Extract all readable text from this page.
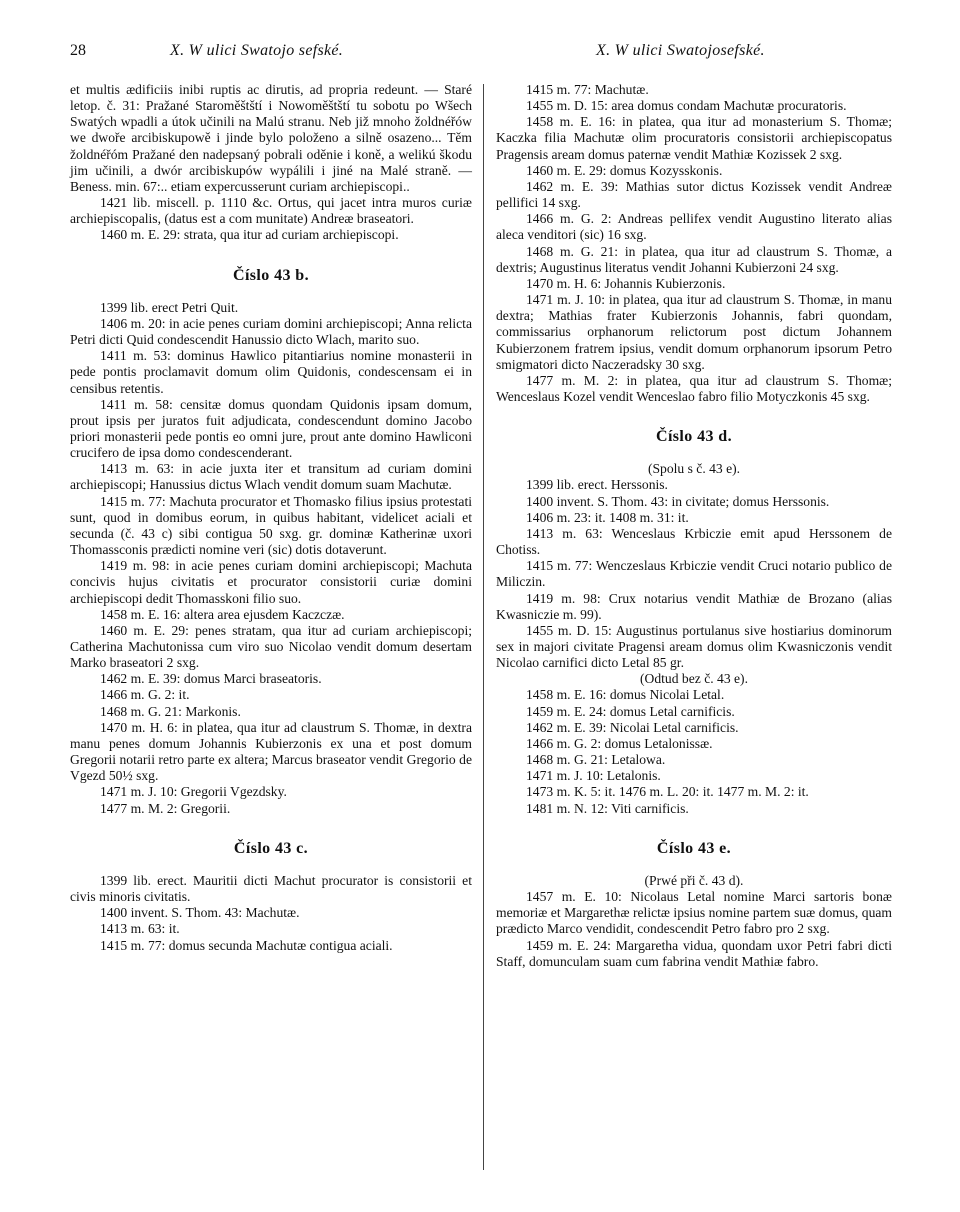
28	X. W ulici Swatojo sefské.	X. W ulici Swatojosefské.

et multis ædificiis inibi ruptis ac dirutis, ad propria redeunt. — Staré letop. č. 31: Pražané Staroměštští i Nowoměštští tu sobotu po Wšech Swatých wpadli a útok učinili na Malú stranu. Neb již mnoho žoldnéřów we dwoře arcibiskupowě i jinde bylo položeno a silně osazeno... Těm žoldnéřóm Pražané den nadepsaný pobrali oděnie i koně, a welikú škodu jim učinili, a dwór arcibiskupów wypálili i jiné na Malé straně. — Beness. min. 67:.. etiam expercusserunt curiam archiepiscopi..

1421 lib. miscell. p. 1110 &c. Ortus, qui jacet intra muros curiæ archiepiscopalis, (datus est a com munitate) Andreæ braseatori.

1460 m. E. 29: strata, qua itur ad curiam archiepiscopi.

Číslo 43 b.

1399 lib. erect Petri Quit.

1406 m. 20: in acie penes curiam domini archiepiscopi; Anna relicta Petri dicti Quid condescendit Hanussio dicto Wlach, marito suo.

1411 m. 53: dominus Hawlico pitantiarius nomine monasterii in pede pontis proclamavit domum olim Quidonis, condescensam ei in censibus retentis.

1411 m. 58: censitæ domus quondam Quidonis ipsam domum, prout ipsis per juratos fuit adjudicata, condescendunt domino Jacobo priori monasterii pede pontis eo omni jure, prout ante domino Hawliconi crucifero de ipsa domo condescenderant.

1413 m. 63: in acie juxta iter et transitum ad curiam domini archiepiscopi; Hanussius dictus Wlach vendit domum suam Machutæ.

1415 m. 77: Machuta procurator et Thomasko filius ipsius protestati sunt, quod in domibus eorum, in quibus habitant, videlicet aciali et secunda (č. 43 c) sibi contigua 50 sxg. gr. dominæ Katherinæ uxori Thomassconis prædicti nomine veri (sic) dotis dotaverunt.

1419 m. 98: in acie penes curiam domini archiepiscopi; Machuta concivis hujus civitatis et procurator consistorii curiæ domini archiepiscopi dedit Thomasskoni filio suo.

1458 m. E. 16: altera area ejusdem Kaczczæ.

1460 m. E. 29: penes stratam, qua itur ad curiam archiepiscopi; Catherina Machutonissa cum viro suo Nicolao vendit domum desertam Marko braseatori 2 sxg.

1462 m. E. 39: domus Marci braseatoris.

1466 m. G. 2: it.

1468 m. G. 21: Markonis.

1470 m. H. 6: in platea, qua itur ad claustrum S. Thomæ, in dextra manu penes domum Johannis Kubierzonis ex una et post domum Gregorii notarii retro parte ex altera; Marcus braseator vendit Gregorio de Vgezd 50½ sxg.

1471 m. J. 10: Gregorii Vgezdsky.

1477 m. M. 2: Gregorii.

Číslo 43 c.

1399 lib. erect. Mauritii dicti Machut procurator is consistorii et civis minoris civitatis.

1400 invent. S. Thom. 43: Machutæ.

1413 m. 63: it.

1415 m. 77: domus secunda Machutæ contigua aciali.

1415 m. 77: Machutæ.

1455 m. D. 15: area domus condam Machutæ procuratoris.

1458 m. E. 16: in platea, qua itur ad monasterium S. Thomæ; Kaczka filia Machutæ olim procuratoris consistorii archiepiscopatus Pragensis aream domus paternæ vendit Mathiæ Kozissek 2 sxg.

1460 m. E. 29: domus Kozysskonis.

1462 m. E. 39: Mathias sutor dictus Kozissek vendit Andreæ pellifici 14 sxg.

1466 m. G. 2: Andreas pellifex vendit Augustino literato alias aleca venditori (sic) 16 sxg.

1468 m. G. 21: in platea, qua itur ad claustrum S. Thomæ, a dextris; Augustinus literatus vendit Johanni Kubierzoni 24 sxg.

1470 m. H. 6: Johannis Kubierzonis.

1471 m. J. 10: in platea, qua itur ad claustrum S. Thomæ, in manu dextra; Mathias frater Kubierzonis Johannis, fabri quondam, commissarius orphanorum relictorum post dictum Johannem Kubierzonem fratrem ipsius, vendit domum orphanorum ipsorum Petro smigmatori dicto Naczeradsky 30 sxg.

1477 m. M. 2: in platea, qua itur ad claustrum S. Thomæ; Wenceslaus Kozel vendit Wenceslao fabro filio Motyczkonis 45 sxg.

Číslo 43 d.

(Spolu s č. 43 e).

1399 lib. erect. Herssonis.

1400 invent. S. Thom. 43: in civitate; domus Herssonis.

1406 m. 23: it. 1408 m. 31: it.

1413 m. 63: Wenceslaus Krbiczie emit apud Herssonem de Chotiss.

1415 m. 77: Wenczeslaus Krbiczie vendit Cruci notario publico de Miliczin.

1419 m. 98: Crux notarius vendit Mathiæ de Brozano (alias Kwasniczie m. 99).

1455 m. D. 15: Augustinus portulanus sive hostiarius dominorum sex in majori civitate Pragensi aream domus olim Kwasniczonis vendit Nicolao carnifici dicto Letal 85 gr.

(Odtud bez č. 43 e).

1458 m. E. 16: domus Nicolai Letal.

1459 m. E. 24: domus Letal carnificis.

1462 m. E. 39: Nicolai Letal carnificis.

1466 m. G. 2: domus Letalonissæ.

1468 m. G. 21: Letalowa.

1471 m. J. 10: Letalonis.

1473 m. K. 5: it. 1476 m. L. 20: it. 1477 m. M. 2: it.

1481 m. N. 12: Viti carnificis.

Číslo 43 e.

(Prwé při č. 43 d).

1457 m. E. 10: Nicolaus Letal nomine Marci sartoris bonæ memoriæ et Margarethæ relictæ ipsius nomine partem suæ domus, quam prædicto Marco vendidit, condescendit Petro fabro pro 2 sxg.

1459 m. E. 24: Margaretha vidua, quondam uxor Petri fabri dicti Staff, domunculam suam cum fabrina vendit Mathiæ fabro.
